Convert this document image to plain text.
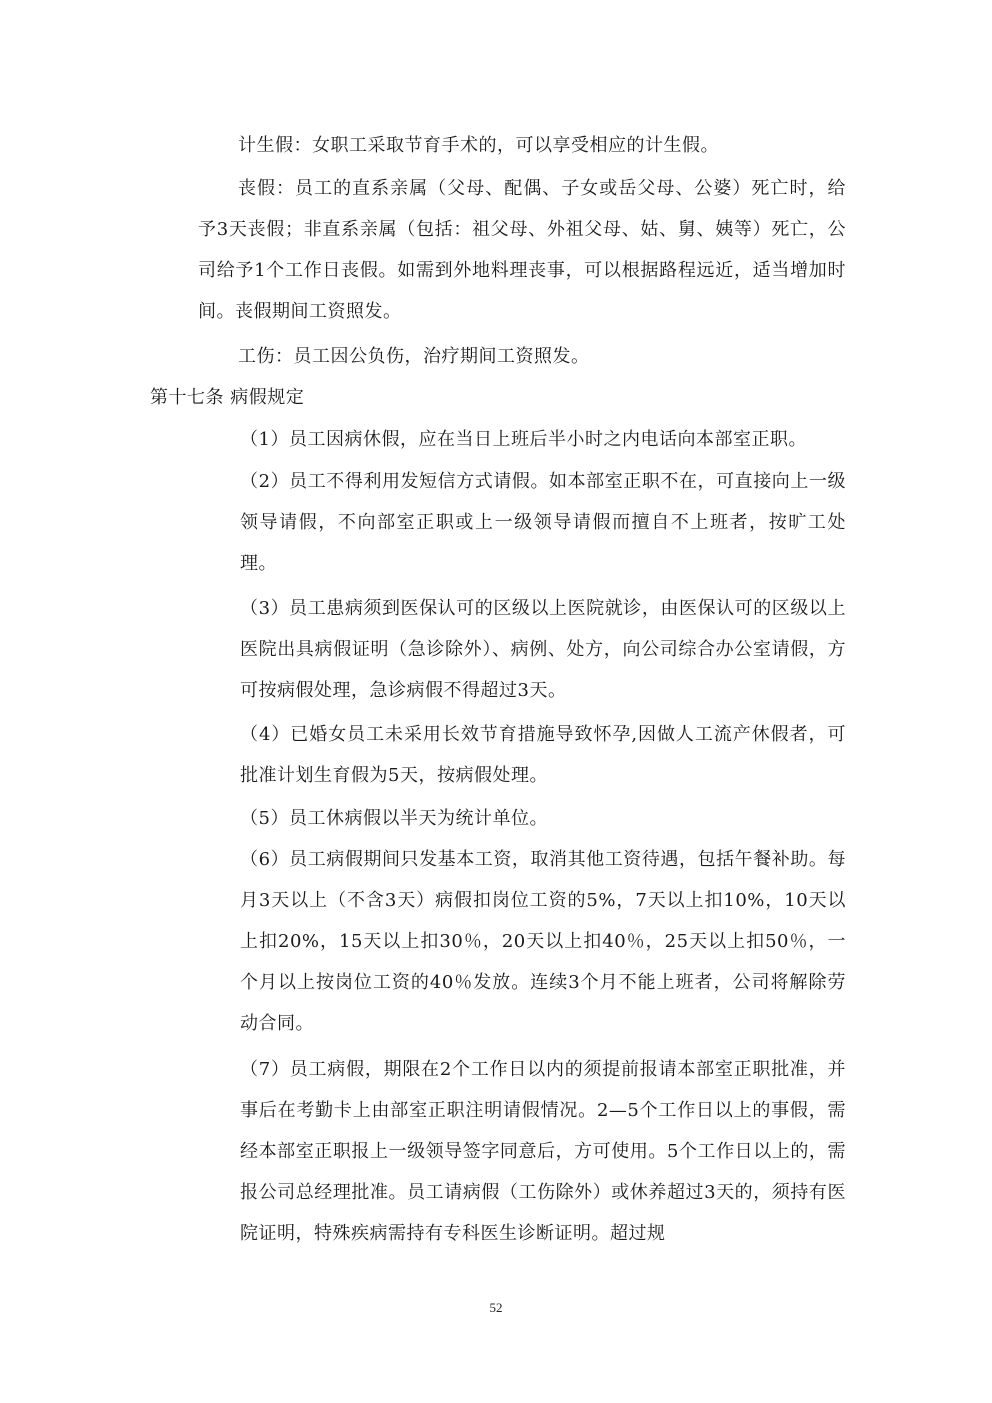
计生假：女职工采取节育手术的，可以享受相应的计生假。

丧假：员工的直系亲属（父母、配偶、子女或岳父母、公婆）死亡时，给予3天丧假；非直系亲属（包括：祖父母、外祖父母、姑、舅、姨等）死亡，公司给予1个工作日丧假。如需到外地料理丧事，可以根据路程远近，适当增加时间。丧假期间工资照发。

工伤：员工因公负伤，治疗期间工资照发。

第十七条 病假规定

（1）员工因病休假，应在当日上班后半小时之内电话向本部室正职。

（2）员工不得利用发短信方式请假。如本部室正职不在，可直接向上一级领导请假，不向部室正职或上一级领导请假而擅自不上班者，按旷工处理。

（3）员工患病须到医保认可的区级以上医院就诊，由医保认可的区级以上医院出具病假证明（急诊除外）、病例、处方，向公司综合办公室请假，方可按病假处理，急诊病假不得超过3天。

（4）已婚女员工未采用长效节育措施导致怀孕,因做人工流产休假者，可批准计划生育假为5天，按病假处理。

（5）员工休病假以半天为统计单位。

（6）员工病假期间只发基本工资，取消其他工资待遇，包括午餐补助。每月3天以上（不含3天）病假扣岗位工资的5%，7天以上扣10%，10天以上扣20%，15天以上扣30％，20天以上扣40％，25天以上扣50％，一个月以上按岗位工资的40％发放。连续3个月不能上班者，公司将解除劳动合同。

（7）员工病假，期限在2个工作日以内的须提前报请本部室正职批准，并事后在考勤卡上由部室正职注明请假情况。2—5个工作日以上的事假，需经本部室正职报上一级领导签字同意后，方可使用。5个工作日以上的，需报公司总经理批准。员工请病假（工伤除外）或休养超过3天的，须持有医院证明，特殊疾病需持有专科医生诊断证明。超过规

52
